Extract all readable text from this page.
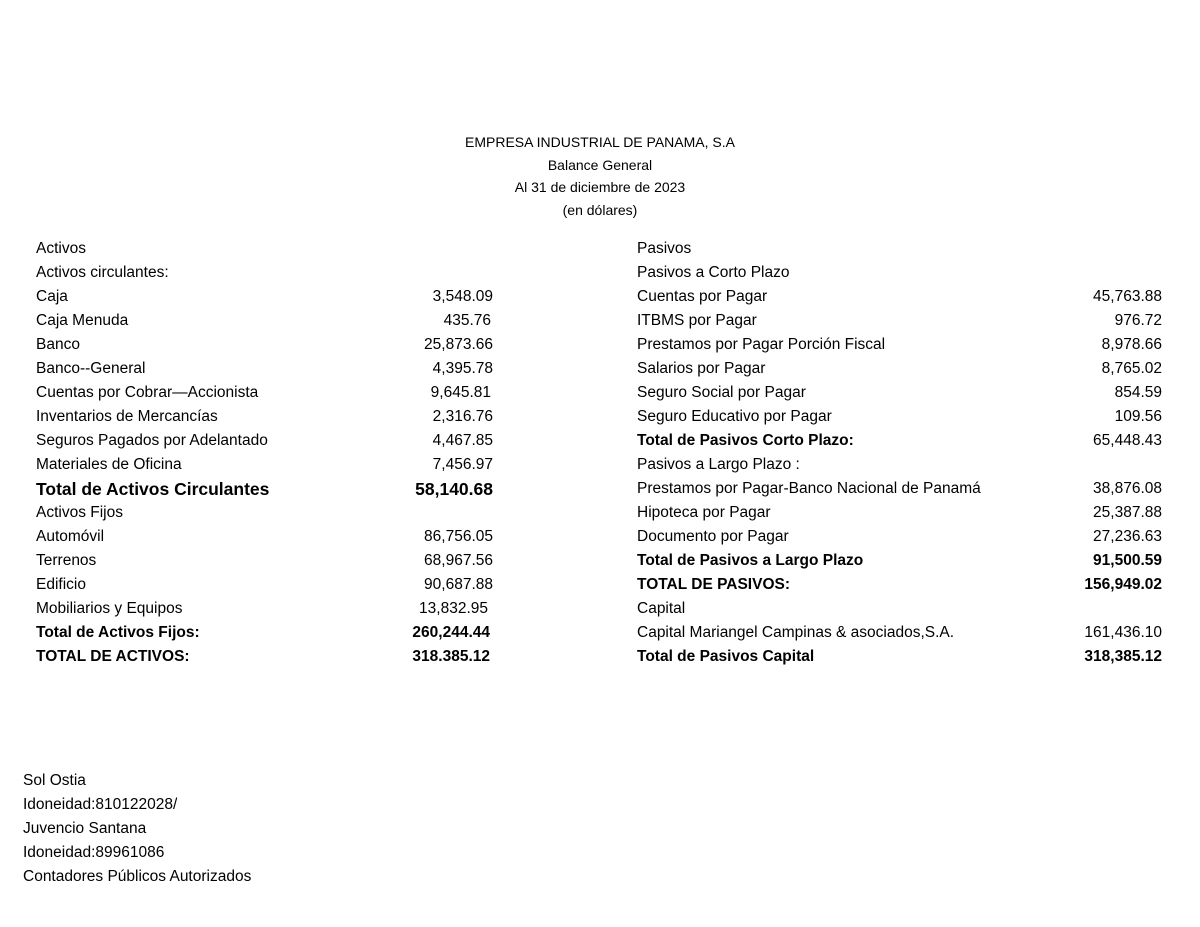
EMPRESA INDUSTRIAL DE PANAMA, S.A
Balance General
Al 31 de diciembre de 2023
(en dólares)
Activos
Activos circulantes:
Caja	3,548.09
Caja Menuda	435.76
Banco	25,873.66
Banco--General	4,395.78
Cuentas por Cobrar—Accionista	9,645.81
Inventarios de Mercancías	2,316.76
Seguros Pagados por Adelantado	4,467.85
Materiales de Oficina	7,456.97
Total de Activos Circulantes	58,140.68
Activos Fijos
Automóvil	86,756.05
Terrenos	68,967.56
Edificio	90,687.88
Mobiliarios y Equipos	13,832.95
Total de Activos Fijos:	260,244.44
TOTAL DE ACTIVOS:	318.385.12
Pasivos
Pasivos a Corto Plazo
Cuentas por Pagar	45,763.88
ITBMS por Pagar	976.72
Prestamos por Pagar Porción Fiscal	8,978.66
Salarios por Pagar	8,765.02
Seguro Social por Pagar	854.59
Seguro Educativo por Pagar	109.56
Total de Pasivos Corto Plazo:	65,448.43
Pasivos a Largo Plazo :
Prestamos por Pagar-Banco Nacional de Panamá	38,876.08
Hipoteca por Pagar	25,387.88
Documento por Pagar	27,236.63
Total de Pasivos a Largo Plazo	91,500.59
TOTAL DE PASIVOS:	156,949.02
Capital
Capital Mariangel Campinas & asociados,S.A.	161,436.10
Total de Pasivos Capital	318,385.12
Sol Ostia
Idoneidad:810122028/
Juvencio Santana
Idoneidad:89961086
Contadores Públicos Autorizados
